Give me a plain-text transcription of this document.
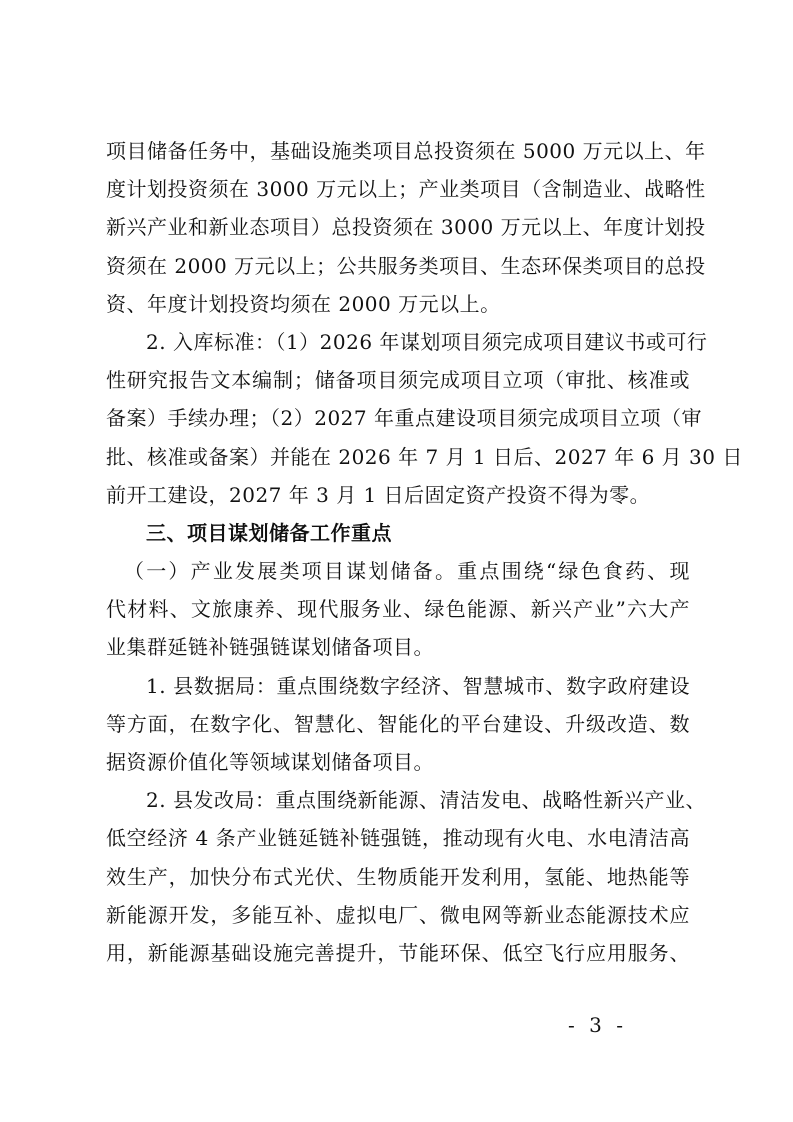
项目储备任务中，基础设施类项目总投资须在 5000 万元以上、年
度计划投资须在 3000 万元以上；产业类项目（含制造业、战略性
新兴产业和新业态项目）总投资须在 3000 万元以上、年度计划投
资须在 2000 万元以上；公共服务类项目、生态环保类项目的总投
资、年度计划投资均须在 2000 万元以上。
2. 入库标准：（1）2026 年谋划项目须完成项目建议书或可行
性研究报告文本编制；储备项目须完成项目立项（审批、核准或
备案）手续办理；（2）2027 年重点建设项目须完成项目立项（审
批、核准或备案）并能在 2026 年 7 月 1 日后、2027 年 6 月 30 日
前开工建设，2027 年 3 月 1 日后固定资产投资不得为零。
三、项目谋划储备工作重点
（一）产业发展类项目谋划储备。重点围绕“绿色食药、现
代材料、文旅康养、现代服务业、绿色能源、新兴产业”六大产
业集群延链补链强链谋划储备项目。
1. 县数据局：重点围绕数字经济、智慧城市、数字政府建设
等方面，在数字化、智慧化、智能化的平台建设、升级改造、数
据资源价值化等领域谋划储备项目。
2. 县发改局：重点围绕新能源、清洁发电、战略性新兴产业、
低空经济 4 条产业链延链补链强链，推动现有火电、水电清洁高
效生产，加快分布式光伏、生物质能开发利用，氢能、地热能等
新能源开发，多能互补、虚拟电厂、微电网等新业态能源技术应
用，新能源基础设施完善提升，节能环保、低空飞行应用服务、
- 3 -
